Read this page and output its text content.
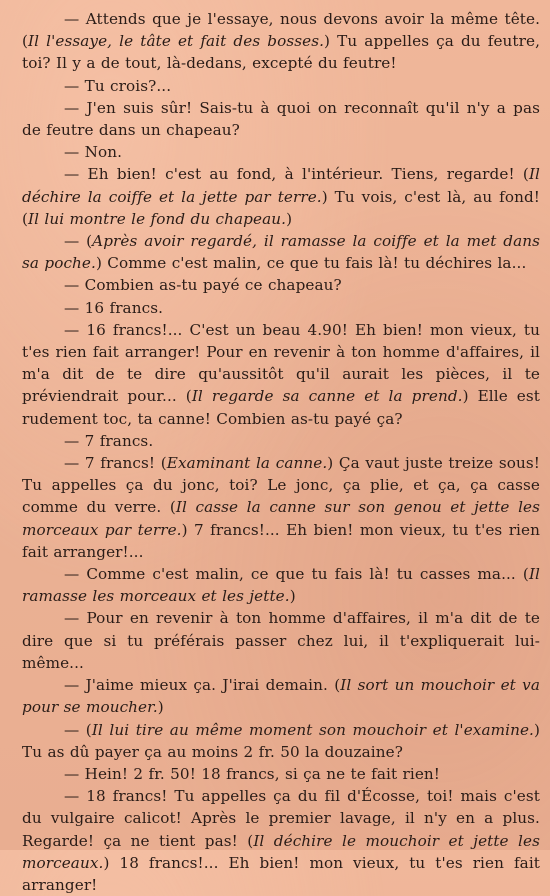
— Attends que je l'essaye, nous devons avoir la même tête. (Il l'essaye, le tâte et fait des bosses.) Tu appelles ça du feutre, toi? Il y a de tout, là-dedans, excepté du feutre!

— Tu crois?...

— J'en suis sûr! Sais-tu à quoi on reconnaît qu'il n'y a pas de feutre dans un chapeau?

— Non.

— Eh bien! c'est au fond, à l'intérieur. Tiens, regarde! (Il déchire la coiffe et la jette par terre.) Tu vois, c'est là, au fond! (Il lui montre le fond du chapeau.)

— (Après avoir regardé, il ramasse la coiffe et la met dans sa poche.) Comme c'est malin, ce que tu fais là! tu déchires la...

— Combien as-tu payé ce chapeau?

— 16 francs.

— 16 francs!... C'est un beau 4.90! Eh bien! mon vieux, tu t'es rien fait arranger! Pour en revenir à ton homme d'affaires, il m'a dit de te dire qu'aussitôt qu'il aurait les pièces, il te préviendrait pour... (Il regarde sa canne et la prend.) Elle est rudement toc, ta canne! Combien as-tu payé ça?

— 7 francs.

— 7 francs! (Examinant la canne.) Ça vaut juste treize sous! Tu appelles ça du jonc, toi? Le jonc, ça plie, et ça, ça casse comme du verre. (Il casse la canne sur son genou et jette les morceaux par terre.) 7 francs!... Eh bien! mon vieux, tu t'es rien fait arranger!...

— Comme c'est malin, ce que tu fais là! tu casses ma... (Il ramasse les morceaux et les jette.)

— Pour en revenir à ton homme d'affaires, il m'a dit de te dire que si tu préférais passer chez lui, il t'expliquerait lui-même...

— J'aime mieux ça. J'irai demain. (Il sort un mouchoir et va pour se moucher.)

— (Il lui tire au même moment son mouchoir et l'examine.) Tu as dû payer ça au moins 2 fr. 50 la douzaine?

— Hein! 2 fr. 50! 18 francs, si ça ne te fait rien!

— 18 francs! Tu appelles ça du fil d'Écosse, toi! mais c'est du vulgaire calicot! Après le premier lavage, il n'y en a plus. Regarde! ça ne tient pas! (Il déchire le mouchoir et jette les morceaux.) 18 francs!... Eh bien! mon vieux, tu t'es rien fait arranger!
